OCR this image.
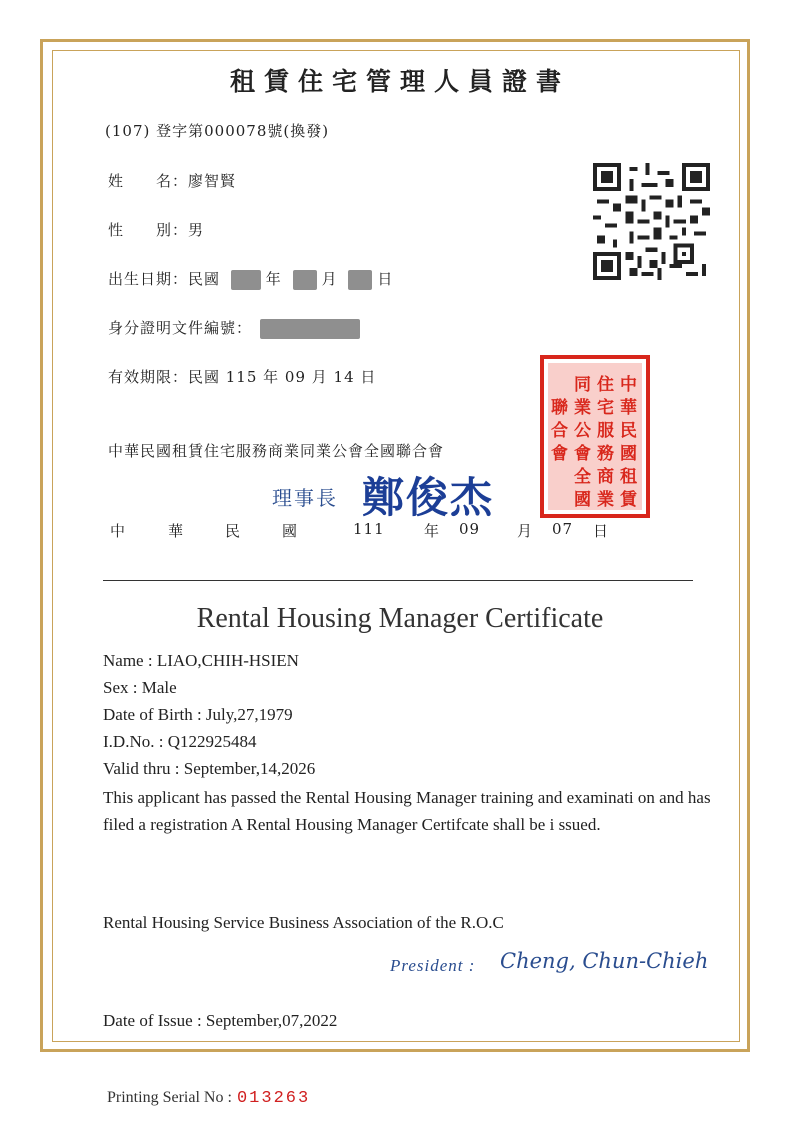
租賃住宅管理人員證書
(107) 登字第000078號(換發)
姓　　名：廖智賢
性　　別：男
出生日期：民國	年	月	日
身分證明文件編號：
有效期限：民國 115 年 09 月 14 日	中
華
民
國
租
賃
住
宅
服
務
商
業
同
業
公
會
全
國
聯
合
會
中華民國租賃住宅服務商業同業公會全國聯合會
理事長 鄭俊杰
中	華	民	國	111	年 09 月 07 日
Rental Housing Manager Certificate
Name : LIAO,CHIH-HSIEN
Sex : Male
Date of Birth : July,27,1979
I.D.No. : Q122925484
Valid thru : September,14,2026
This applicant has passed the Rental Housing Manager training and examinati on and has filed a registration A Rental Housing Manager Certifcate shall be i ssued.
Rental Housing Service Business Association of the R.O.C
President : Cheng, Chun-Chieh
Date of Issue : September,07,2022
Printing Serial No : 013263
